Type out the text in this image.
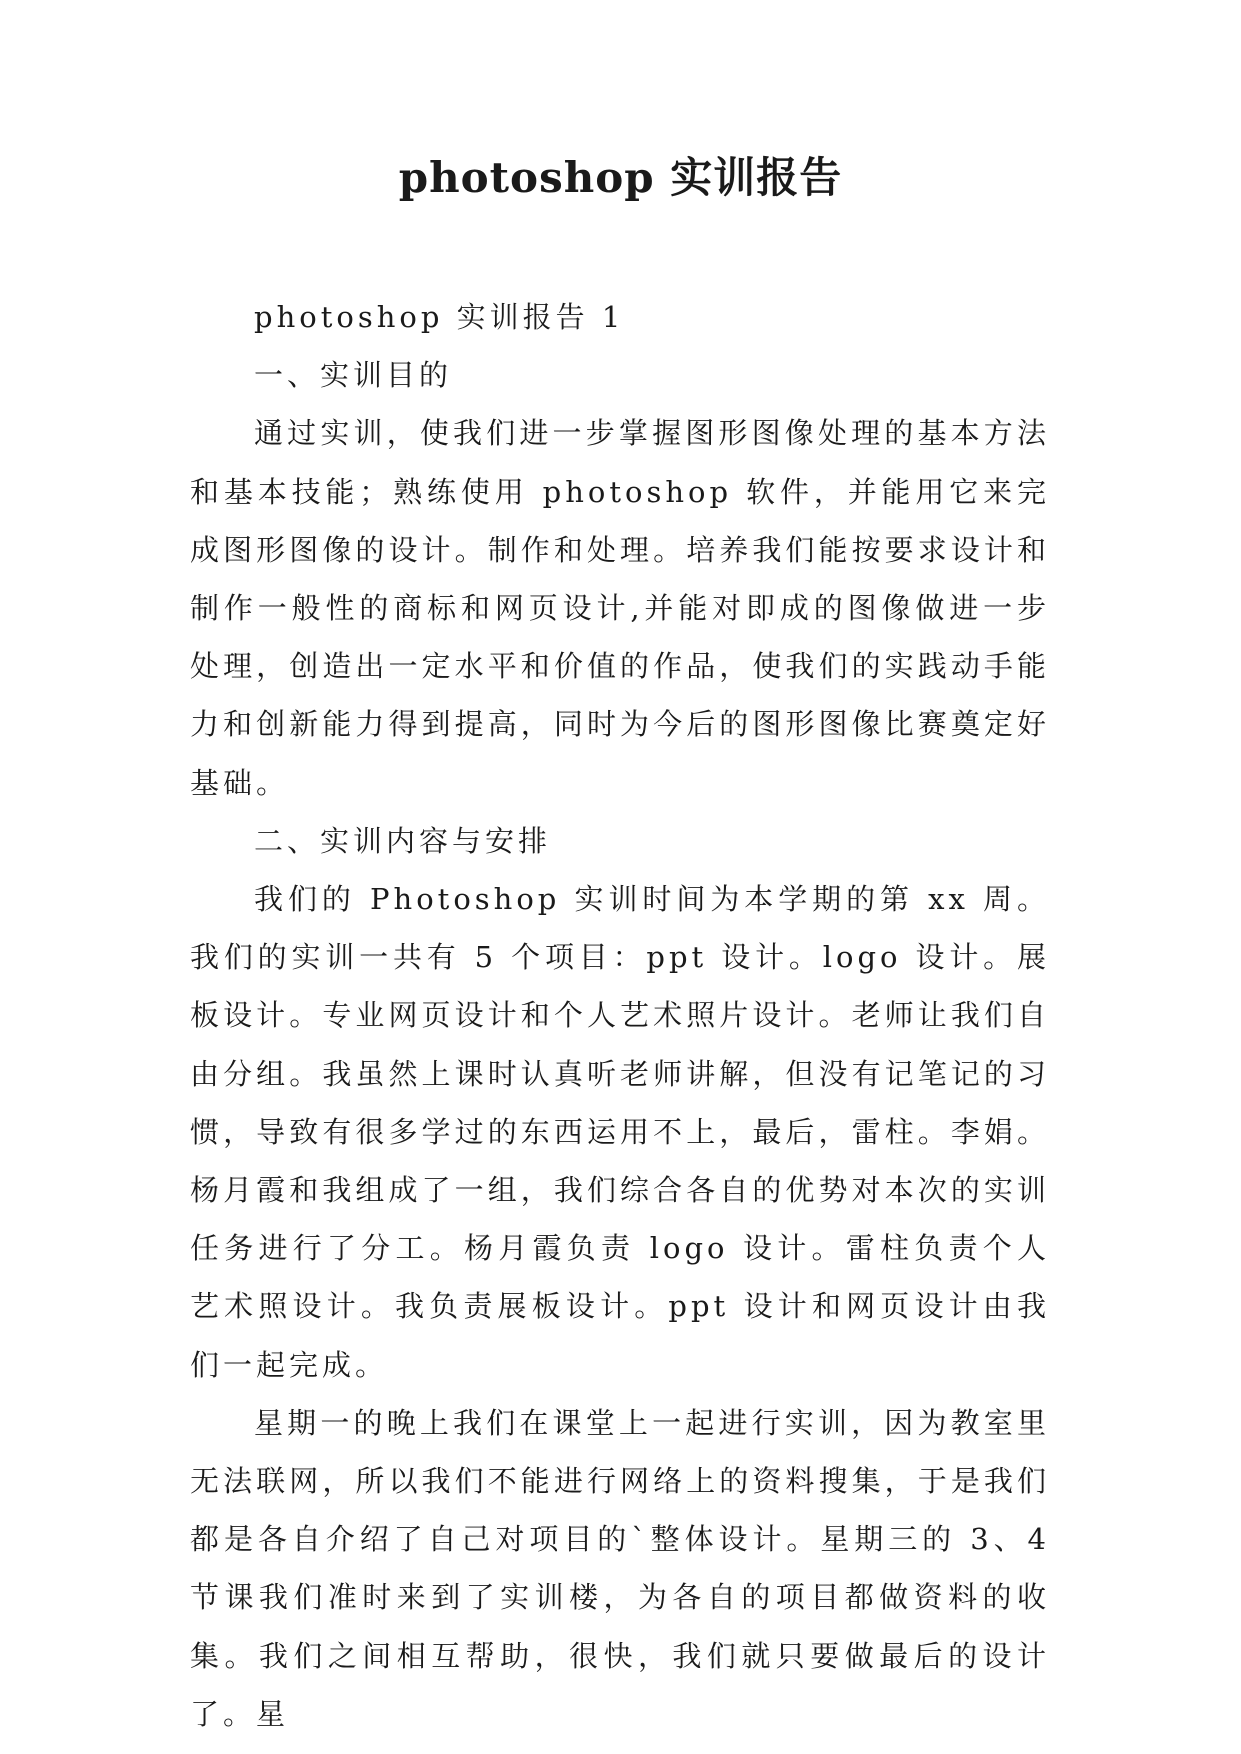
photoshop 实训报告

photoshop 实训报告 1

一、实训目的

通过实训，使我们进一步掌握图形图像处理的基本方法和基本技能；熟练使用 photoshop 软件，并能用它来完成图形图像的设计。制作和处理。培养我们能按要求设计和制作一般性的商标和网页设计,并能对即成的图像做进一步处理，创造出一定水平和价值的作品，使我们的实践动手能力和创新能力得到提高，同时为今后的图形图像比赛奠定好基础。

二、实训内容与安排

我们的 Photoshop 实训时间为本学期的第 xx 周。我们的实训一共有 5 个项目：ppt 设计。logo 设计。展板设计。专业网页设计和个人艺术照片设计。老师让我们自由分组。我虽然上课时认真听老师讲解，但没有记笔记的习惯，导致有很多学过的东西运用不上，最后，雷柱。李娟。杨月霞和我组成了一组，我们综合各自的优势对本次的实训任务进行了分工。杨月霞负责 logo 设计。雷柱负责个人艺术照设计。我负责展板设计。ppt 设计和网页设计由我们一起完成。

星期一的晚上我们在课堂上一起进行实训，因为教室里无法联网，所以我们不能进行网络上的资料搜集，于是我们都是各自介绍了自己对项目的`整体设计。星期三的 3、4 节课我们准时来到了实训楼，为各自的项目都做资料的收集。我们之间相互帮助，很快，我们就只要做最后的设计了。星
